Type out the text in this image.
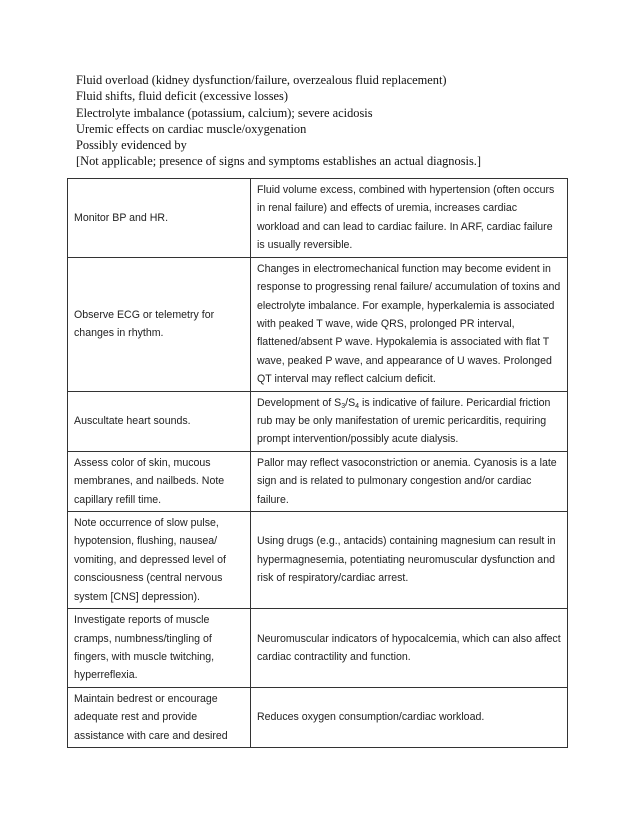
Fluid overload (kidney dysfunction/failure, overzealous fluid replacement)
Fluid shifts, fluid deficit (excessive losses)
Electrolyte imbalance (potassium, calcium); severe acidosis
Uremic effects on cardiac muscle/oxygenation
Possibly evidenced by
[Not applicable; presence of signs and symptoms establishes an actual diagnosis.]
Monitor BP and HR.	Fluid volume excess, combined with hypertension (often occurs in renal failure) and effects of uremia, increases cardiac workload and can lead to cardiac failure. In ARF, cardiac failure is usually reversible.
Observe ECG or telemetry for changes in rhythm.	Changes in electromechanical function may become evident in response to progressing renal failure/ accumulation of toxins and electrolyte imbalance. For example, hyperkalemia is associated with peaked T wave, wide QRS, prolonged PR interval, flattened/absent P wave. Hypokalemia is associated with flat T wave, peaked P wave, and appearance of U waves. Prolonged QT interval may reflect calcium deficit.
Auscultate heart sounds.	Development of $S_3/S_4$ is indicative of failure. Pericardial friction rub may be only manifestation of uremic pericarditis, requiring prompt intervention/possibly acute dialysis.
Assess color of skin, mucous membranes, and nailbeds. Note capillary refill time.	Pallor may reflect vasoconstriction or anemia. Cyanosis is a late sign and is related to pulmonary congestion and/or cardiac failure.
Note occurrence of slow pulse, hypotension, flushing, nausea/ vomiting, and depressed level of consciousness (central nervous system [CNS] depression).	Using drugs (e.g., antacids) containing magnesium can result in hypermagnesemia, potentiating neuromuscular dysfunction and risk of respiratory/cardiac arrest.
Investigate reports of muscle cramps, numbness/tingling of fingers, with muscle twitching, hyperreflexia.	Neuromuscular indicators of hypocalcemia, which can also affect cardiac contractility and function.
Maintain bedrest or encourage adequate rest and provide assistance with care and desired	Reduces oxygen consumption/cardiac workload.
